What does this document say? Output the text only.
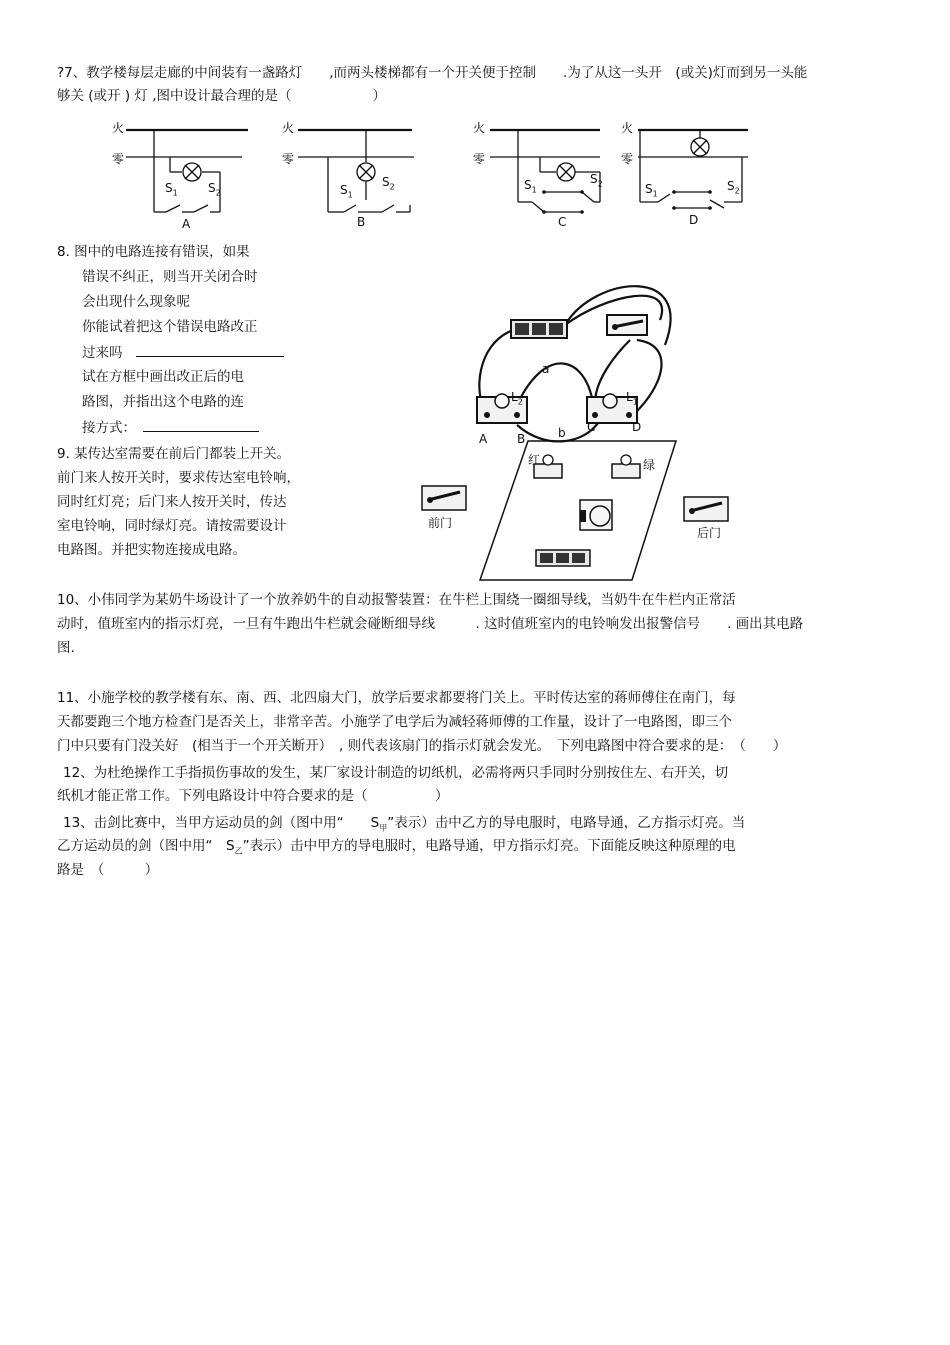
?7、教学楼每层走廊的中间装有一盏路灯　　,而两头楼梯都有一个开关便于控制　　.为了从这一头开　(或关)灯而到另一头能
够关 (或开 ) 灯 ,图中设计最合理的是（　　　　　　）
火
零
$S_1$	$S_2$
A
火
零
$S_1$
$S_2$
B
火
零
$S_1$
$S_2$
C
火
零
$S_1$
$S_2$
D
8. 图中的电路连接有错误，如果
错误不纠正，则当开关闭合时
会出现什么现象呢
你能试着把这个错误电路改正
过来吗　
试在方框中画出改正后的电
路图，并指出这个电路的连
接方式：　
9. 某传达室需要在前后门都装上开关。
前门来人按开关时，要求传达室电铃响，
同时红灯亮；后门来人按开关时，传达
室电铃响，同时绿灯亮。请按需要设计
电路图。并把实物连接成电路。
a
b
A B
C	D
$L_2$	$L_1$
红	绿
前门
后门
10、小伟同学为某奶牛场设计了一个放养奶牛的自动报警装置：在牛栏上围绕一圈细导线，当奶牛在牛栏内正常活
动时，值班室内的指示灯亮，一旦有牛跑出牛栏就会碰断细导线　　　. 这时值班室内的电铃响发出报警信号　　. 画出其电路
图.
11、小施学校的教学楼有东、南、西、北四扇大门，放学后要求都要将门关上。平时传达室的蒋师傅住在南门，每
天都要跑三个地方检查门是否关上，非常辛苦。小施学了电学后为减轻蒋师傅的工作量，设计了一电路图，即三个
门中只要有门没关好　(相当于一个开关断开）　, 则代表该扇门的指示灯就会发光。　下列电路图中符合要求的是：　（　　）
12、为杜绝操作工手指损伤事故的发生，某厂家设计制造的切纸机，必需将两只手同时分别按住左、右开关，切
纸机才能正常工作。下列电路设计中符合要求的是（　　　　　）
13、击剑比赛中，当甲方运动员的剑（图中用“　　$S_甲$”表示）击中乙方的导电服时，电路导通，乙方指示灯亮。当
乙方运动员的剑（图中用“　$S_乙$”表示）击中甲方的导电服时，电路导通，甲方指示灯亮。下面能反映这种原理的电
路是　（　　　）
